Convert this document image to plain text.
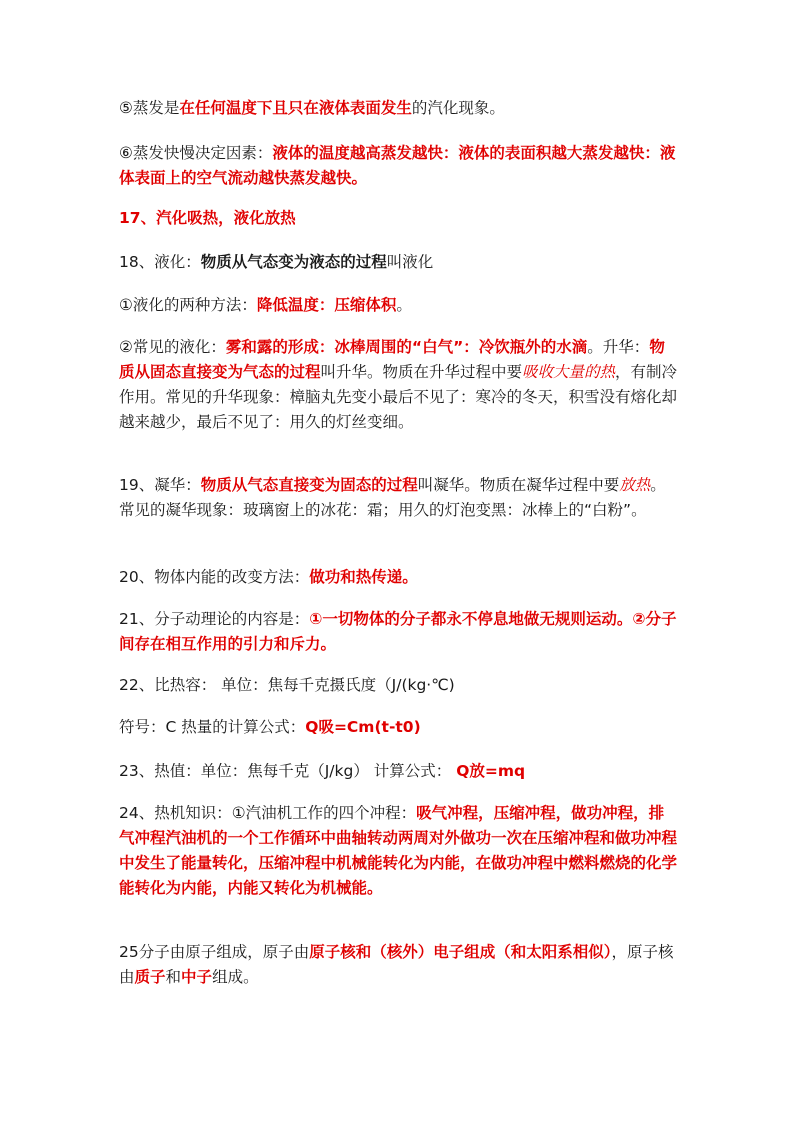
⑤蒸发是在任何温度下且只在液体表面发生的汽化现象。

⑥蒸发快慢决定因素：液体的温度越高蒸发越快：液体的表面积越大蒸发越快：液体表面上的空气流动越快蒸发越快。

17、汽化吸热，液化放热

18、液化：物质从气态变为液态的过程叫液化

①液化的两种方法：降低温度：压缩体积。

②常见的液化：雾和露的形成：冰棒周围的“白气”：冷饮瓶外的水滴。升华：物质从固态直接变为气态的过程叫升华。物质在升华过程中要吸收大量的热，有制冷作用。常见的升华现象：樟脑丸先变小最后不见了：寒冷的冬天，积雪没有熔化却越来越少，最后不见了：用久的灯丝变细。

19、凝华：物质从气态直接变为固态的过程叫凝华。物质在凝华过程中要放热。常见的凝华现象：玻璃窗上的冰花：霜；用久的灯泡变黑：冰棒上的“白粉”。

20、物体内能的改变方法：做功和热传递。

21、分子动理论的内容是：①一切物体的分子都永不停息地做无规则运动。②分子间存在相互作用的引力和斥力。

22、比热容： 单位：焦每千克摄氏度（J/(kg·℃)

符号：C 热量的计算公式：Q吸=Cm(t-t0)

23、热值：单位：焦每千克（J/kg） 计算公式： Q放=mq

24、热机知识：①汽油机工作的四个冲程：吸气冲程，压缩冲程，做功冲程，排气冲程汽油机的一个工作循环中曲轴转动两周对外做功一次在压缩冲程和做功冲程中发生了能量转化，压缩冲程中机械能转化为内能，在做功冲程中燃料燃烧的化学能转化为内能，内能又转化为机械能。

25分子由原子组成，原子由原子核和（核外）电子组成（和太阳系相似），原子核由质子和中子组成。
